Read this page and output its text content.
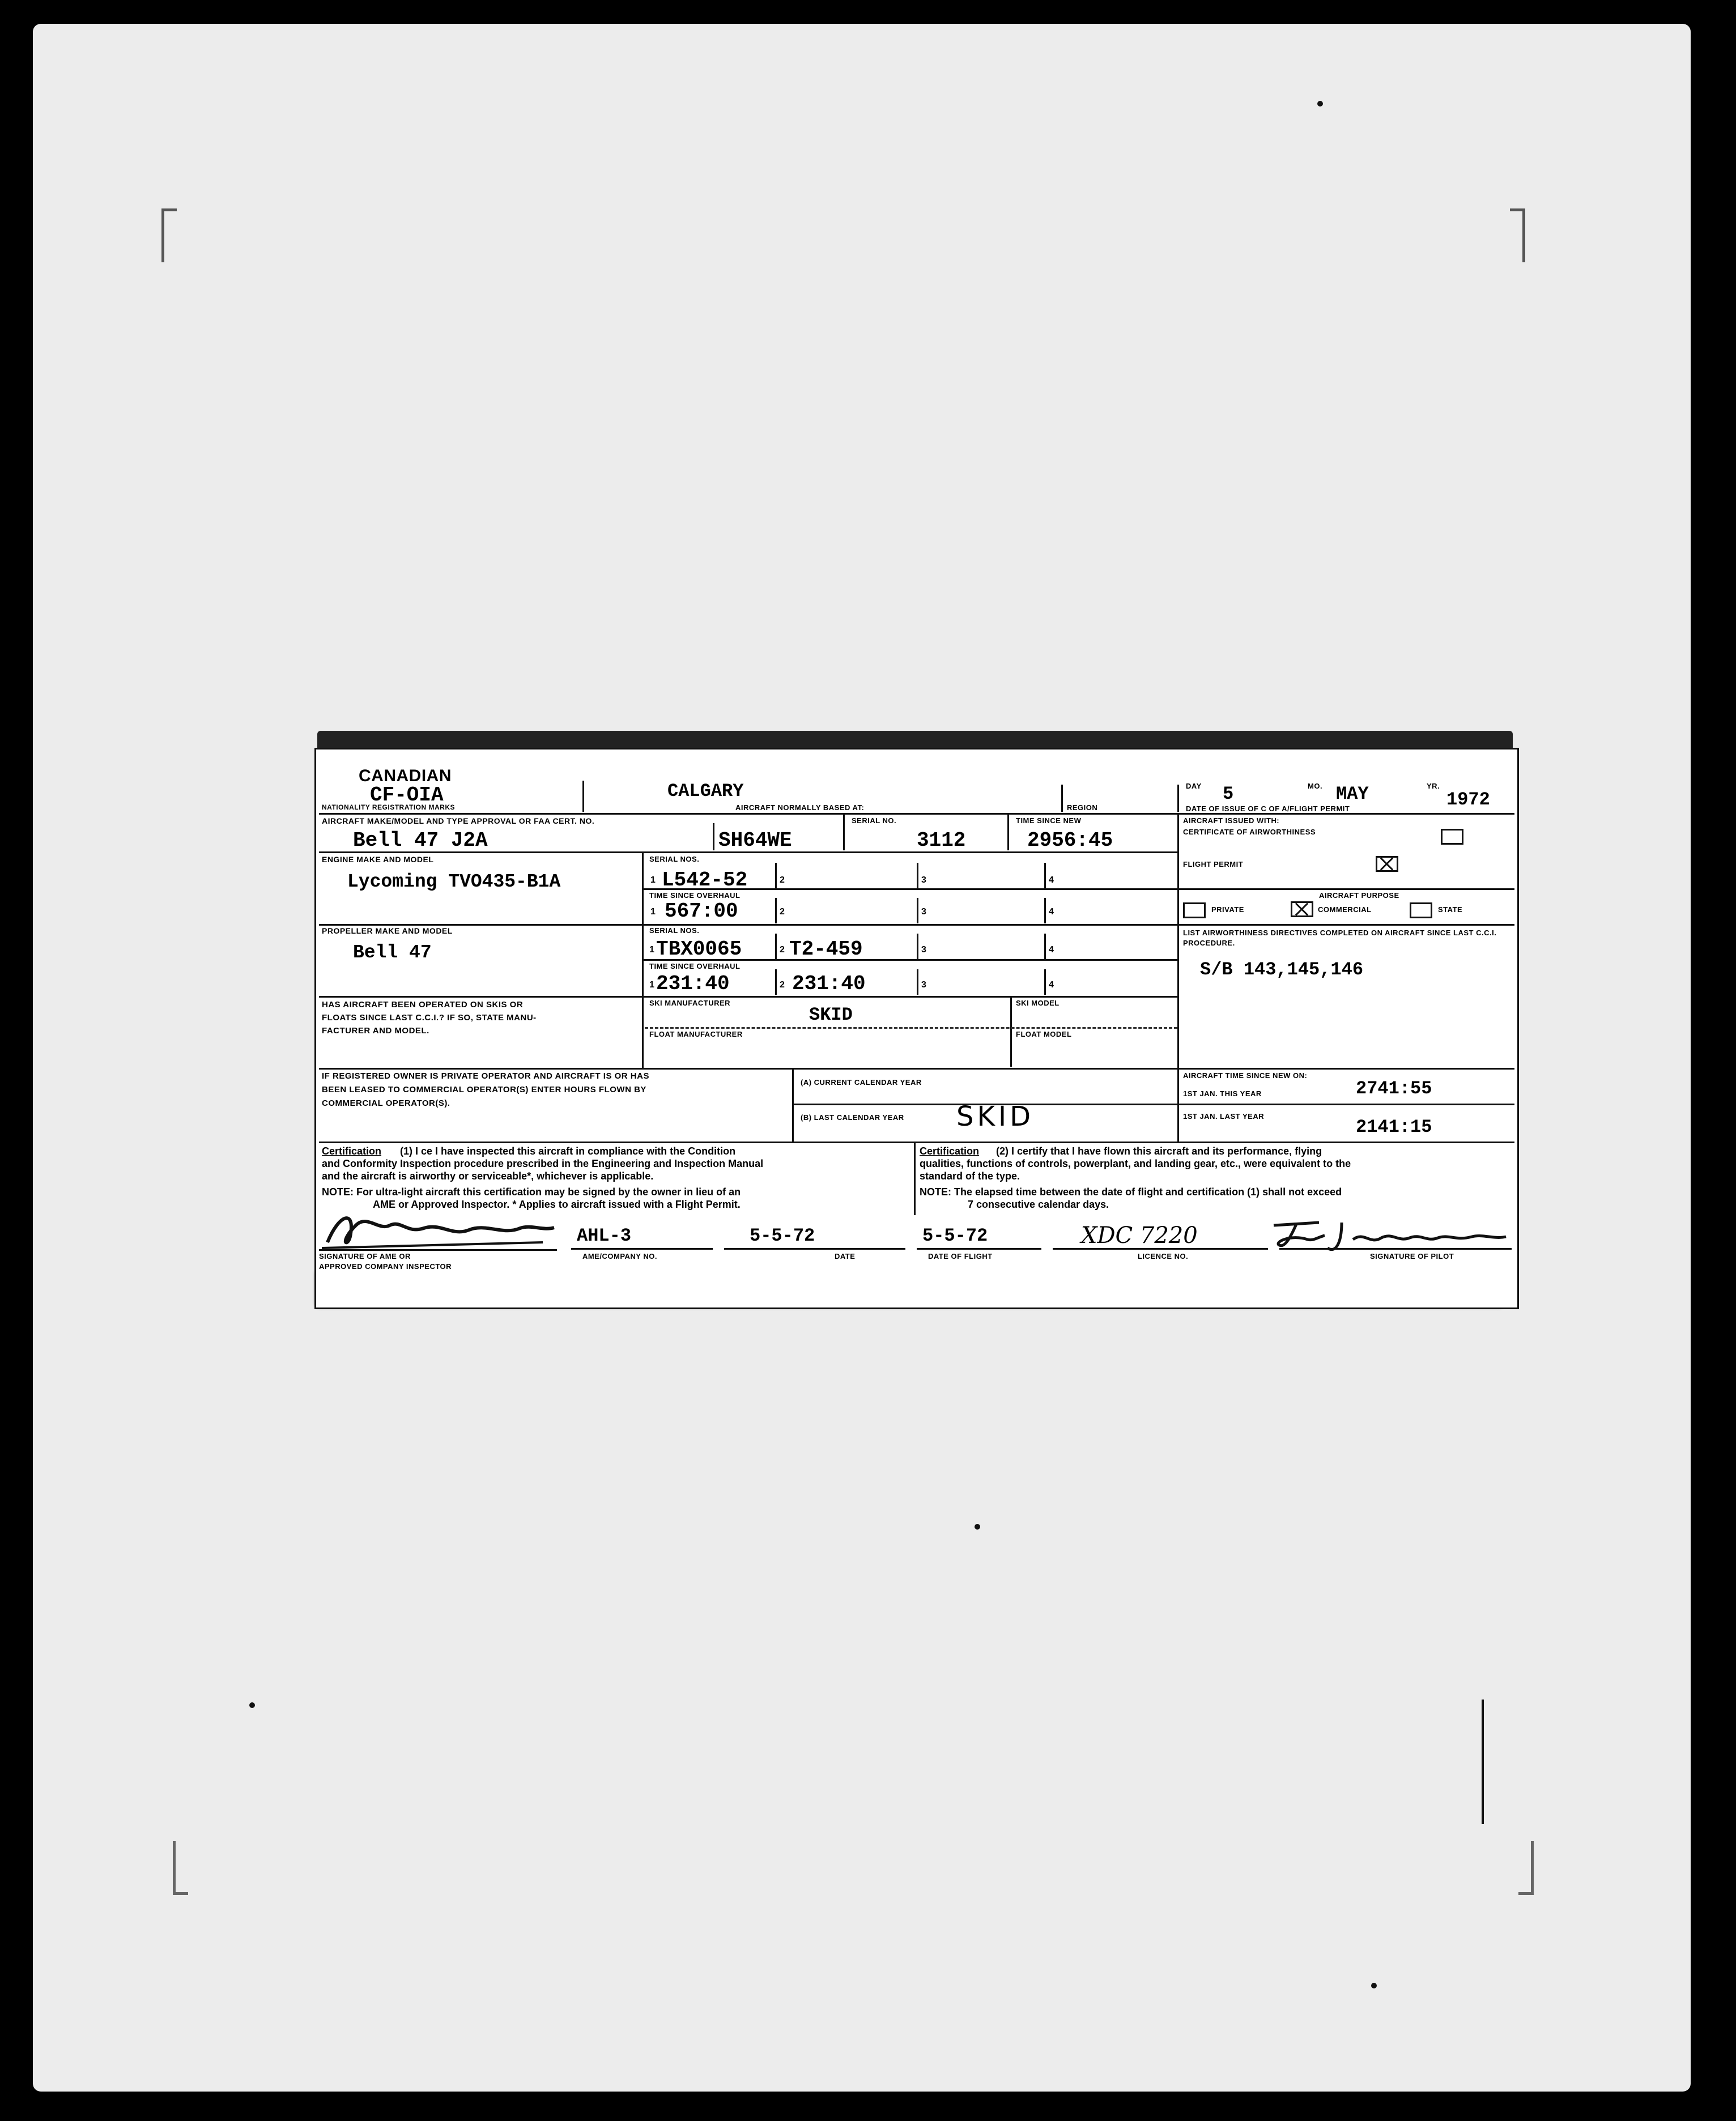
CANADIAN
CF-OIA
NATIONALITY REGISTRATION MARKS
CALGARY
AIRCRAFT NORMALLY BASED AT:	REGION
DAY 5	MO. MAY	YR.
1972
DATE OF ISSUE OF C OF A/FLIGHT PERMIT
AIRCRAFT MAKE/MODEL AND TYPE APPROVAL OR FAA CERT. NO.
Bell 47 J2A	SH64WE
SERIAL NO.
3112
TIME SINCE NEW
2956:45
AIRCRAFT ISSUED WITH:
CERTIFICATE OF AIRWORTHINESS
FLIGHT PERMIT
ENGINE MAKE AND MODEL
Lycoming TVO435-B1A
SERIAL NOS.
1 L542-52	2	3	4
TIME SINCE OVERHAUL
1 567:00	2	3	4
AIRCRAFT PURPOSE
PRIVATE	COMMERCIAL	STATE
PROPELLER MAKE AND MODEL
Bell 47
SERIAL NOS.
1 TBX0065	2 T2-459	3	4
TIME SINCE OVERHAUL
1 231:40	2 231:40	3	4
LIST AIRWORTHINESS DIRECTIVES COMPLETED ON AIRCRAFT SINCE LAST C.C.I. PROCEDURE.
S/B 143,145,146
HAS AIRCRAFT BEEN OPERATED ON SKIS OR
FLOATS SINCE LAST C.C.I.? IF SO, STATE MANU-
FACTURER AND MODEL.
SKI MANUFACTURER
SKID
SKI MODEL
FLOAT MANUFACTURER	FLOAT MODEL
IF REGISTERED OWNER IS PRIVATE OPERATOR AND AIRCRAFT IS OR HAS
BEEN LEASED TO COMMERCIAL OPERATOR(S) ENTER HOURS FLOWN BY
COMMERCIAL OPERATOR(S).
(A) CURRENT CALENDAR YEAR
(B) LAST CALENDAR YEAR SKID
AIRCRAFT TIME SINCE NEW ON:
1ST JAN. THIS YEAR	2741:55
1ST JAN. LAST YEAR
2141:15
Certification (1) I ce I have inspected this aircraft in compliance with the Condition
and Conformity Inspection procedure prescribed in the Engineering and Inspection Manual
and the aircraft is airworthy or serviceable*, whichever is applicable.
NOTE: For ultra-light aircraft this certification may be signed by the owner in lieu of an
AME or Approved Inspector. * Applies to aircraft issued with a Flight Permit.
Certification (2) I certify that I have flown this aircraft and its performance, flying
qualities, functions of controls, powerplant, and landing gear, etc., were equivalent to the
standard of the type.
NOTE: The elapsed time between the date of flight and certification (1) shall not exceed
7 consecutive calendar days.
SIGNATURE OF AME OR
APPROVED COMPANY INSPECTOR
AHL-3
AME/COMPANY NO.
5-5-72
DATE
5-5-72
DATE OF FLIGHT
XDC 7220
LICENCE NO.	SIGNATURE OF PILOT
